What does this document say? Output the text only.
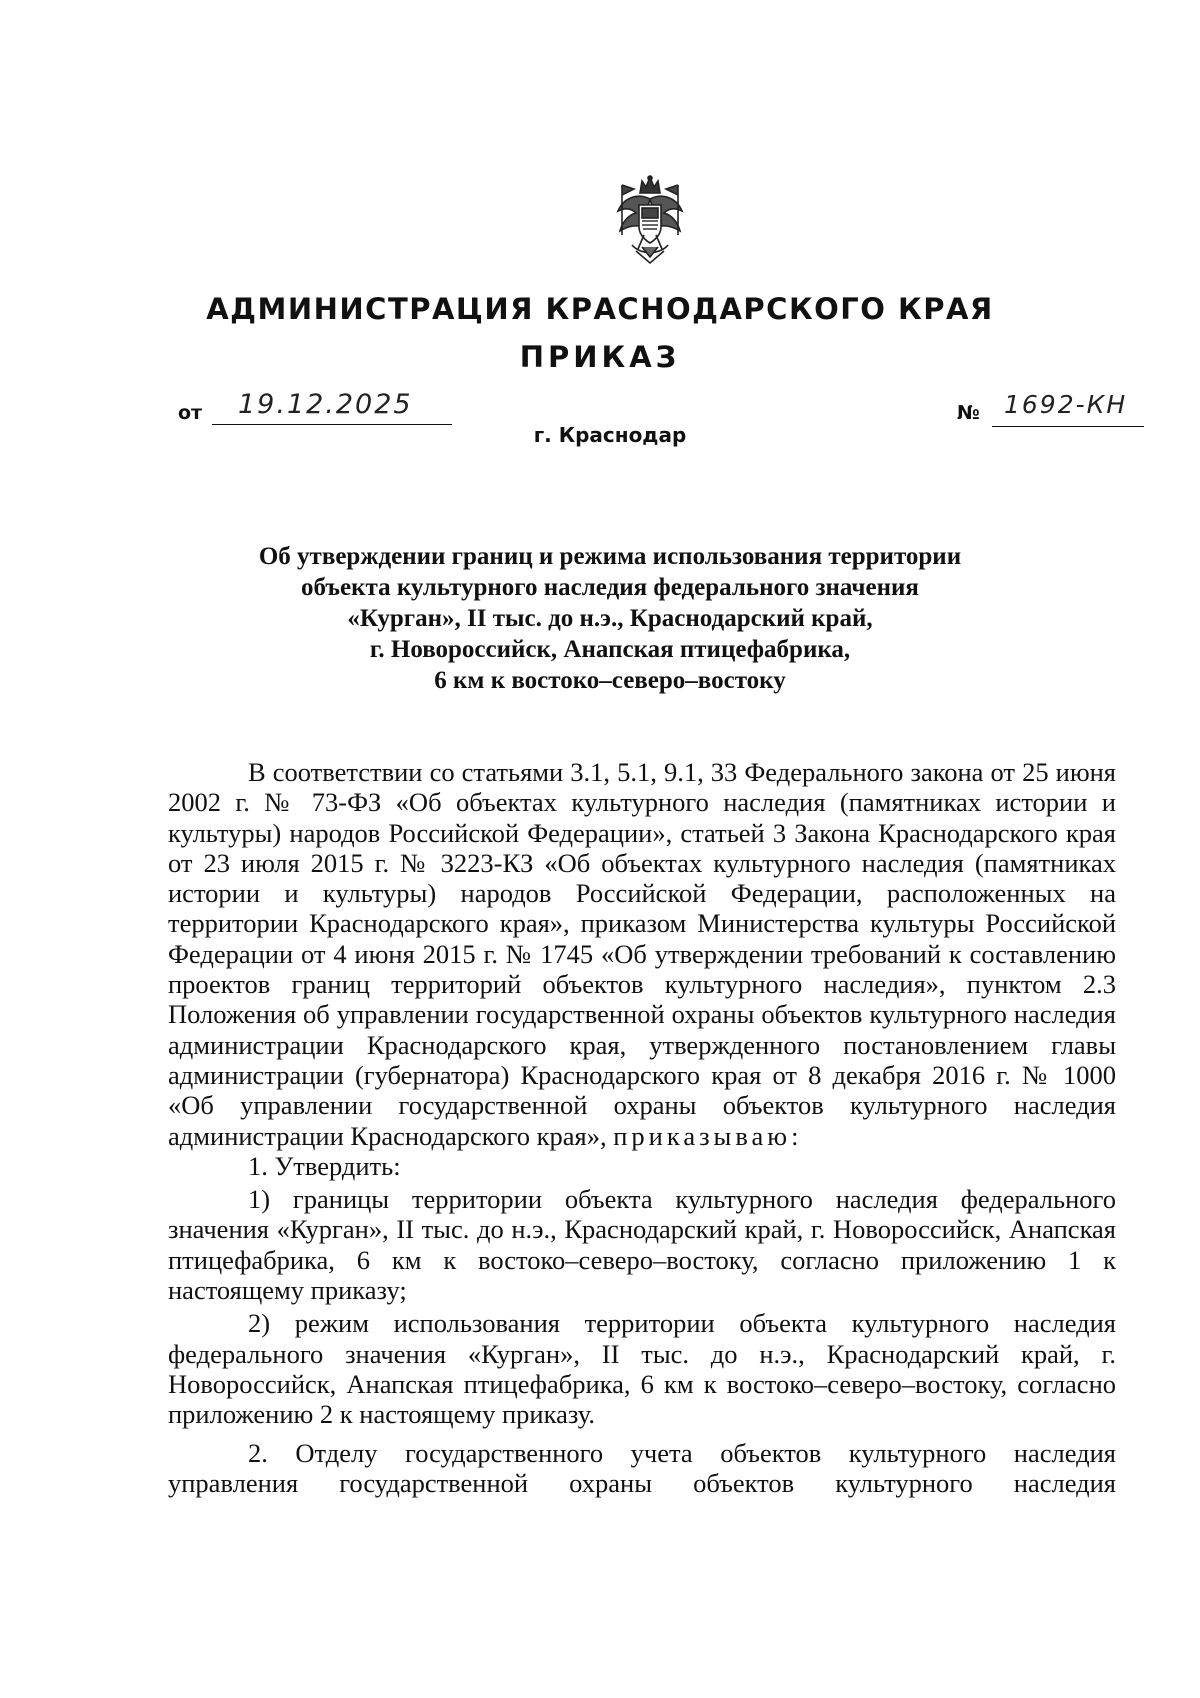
АДМИНИСТРАЦИЯ КРАСНОДАРСКОГО КРАЯ
ПРИКАЗ
от 19.12.2025	№ 1692-КН
г. Краснодар
Об утверждении границ и режима использования территории
объекта культурного наследия федерального значения
«Курган», II тыс. до н.э., Краснодарский край,
г. Новороссийск, Анапская птицефабрика,
6 км к востоко–северо–востоку

В соответствии со статьями 3.1, 5.1, 9.1, 33 Федерального закона от 25 июня 2002 г. № 73-ФЗ «Об объектах культурного наследия (памятниках истории и культуры) народов Российской Федерации», статьей 3 Закона Краснодарского края от 23 июля 2015 г. № 3223-КЗ «Об объектах культурного наследия (памятниках истории и культуры) народов Российской Федерации, расположенных на территории Краснодарского края», приказом Министерства культуры Российской Федерации от 4 июня 2015 г. № 1745 «Об утверждении требований к составлению проектов границ территорий объектов культурного наследия», пунктом 2.3 Положения об управлении государственной охраны объектов культурного наследия администрации Краснодарского края, утвержденного постановлением главы администрации (губернатора) Краснодарского края от 8 декабря 2016 г. № 1000 «Об управлении государственной охраны объектов культурного наследия администрации Краснодарского края», приказываю:

1. Утвердить:

1) границы территории объекта культурного наследия федерального значения «Курган», II тыс. до н.э., Краснодарский край, г. Новороссийск, Анапская птицефабрика, 6 км к востоко–северо–востоку, согласно приложению 1 к настоящему приказу;

2) режим использования территории объекта культурного наследия федерального значения «Курган», II тыс. до н.э., Краснодарский край, г. Новороссийск, Анапская птицефабрика, 6 км к востоко–северо–востоку, согласно приложению 2 к настоящему приказу.

2. Отделу государственного учета объектов культурного наследия управления государственной охраны объектов культурного наследия
